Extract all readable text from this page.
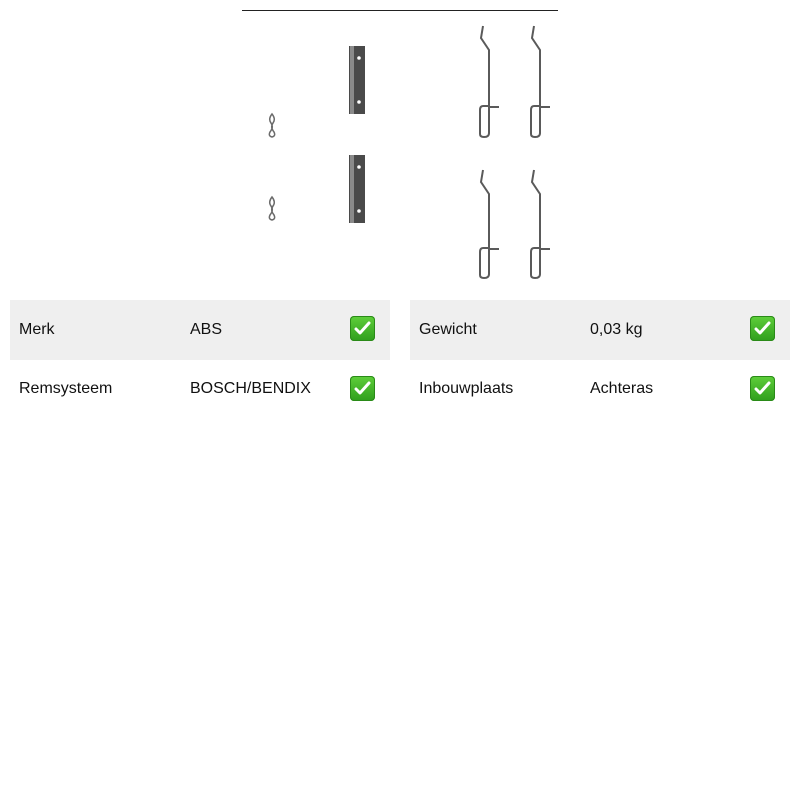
Merk	ABS
Remsysteem	BOSCH/BENDIX
Gewicht	0,03 kg
Inbouwplaats	Achteras
